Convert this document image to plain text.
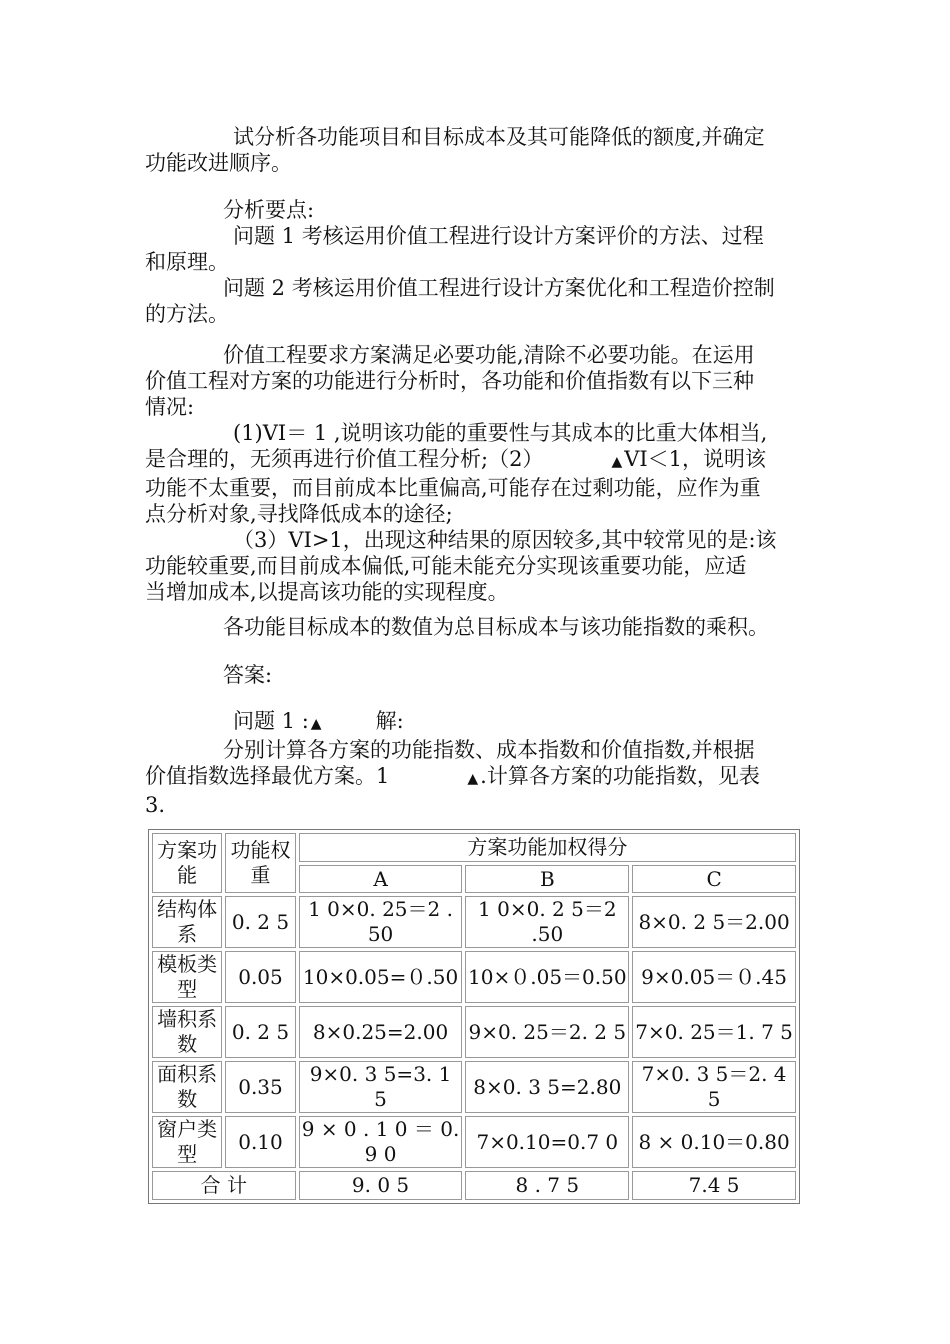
试分析各功能项目和目标成本及其可能降低的额度,并确定
功能改进顺序。

分析要点:
问题 1 考核运用价值工程进行设计方案评价的方法、过程
和原理。
问题 2 考核运用价值工程进行设计方案优化和工程造价控制
的方法。

价值工程要求方案满足必要功能,清除不必要功能。在运用
价值工程对方案的功能进行分析时，各功能和价值指数有以下三种
情况:
(1)VI＝ 1 ,说明该功能的重要性与其成本的比重大体相当,
是合理的，无须再进行价值工程分析;（2）	▲VI＜1，说明该
功能不太重要，而目前成本比重偏高,可能存在过剩功能，应作为重
点分析对象,寻找降低成本的途径;
（3）VI>1，出现这种结果的原因较多,其中较常见的是:该
功能较重要,而目前成本偏低,可能未能充分实现该重要功能，应适
当增加成本,以提高该功能的实现程度。

各功能目标成本的数值为总目标成本与该功能指数的乘积。

答案:

问题 1 : ▲	解:
分别计算各方案的功能指数、成本指数和价值指数,并根据
价值指数选择最优方案。1	▲.计算各方案的功能指数，见表
3.

方案功能	功能权重	方案功能加权得分		
		A	B	C
结构体系	0. 2 5	1 0×0. 25＝2 . 50	1 0×0. 2 5＝2 .50	8×0. 2 5＝2.00
模板类型	0.05	10×0.05=０.50	10×０.05＝0.50	9×0.05＝０.45
墙积系数	0. 2 5	8×0.25=2.00	9×0. 25＝2. 2 5	7×0. 25＝1. 7 5
面积系数	0.35	9×0. 3 5=3. 1 5	8×0. 3 5=2.80	7×0. 3 5＝2. 4 5
窗户类型	0.10	9 × 0 . 1 0 ＝ 0. 9 0	7×0.10=0.7 0	8 × 0.10＝0.80
合 计		9. 0 5	8 . 7 5	7.4 5
